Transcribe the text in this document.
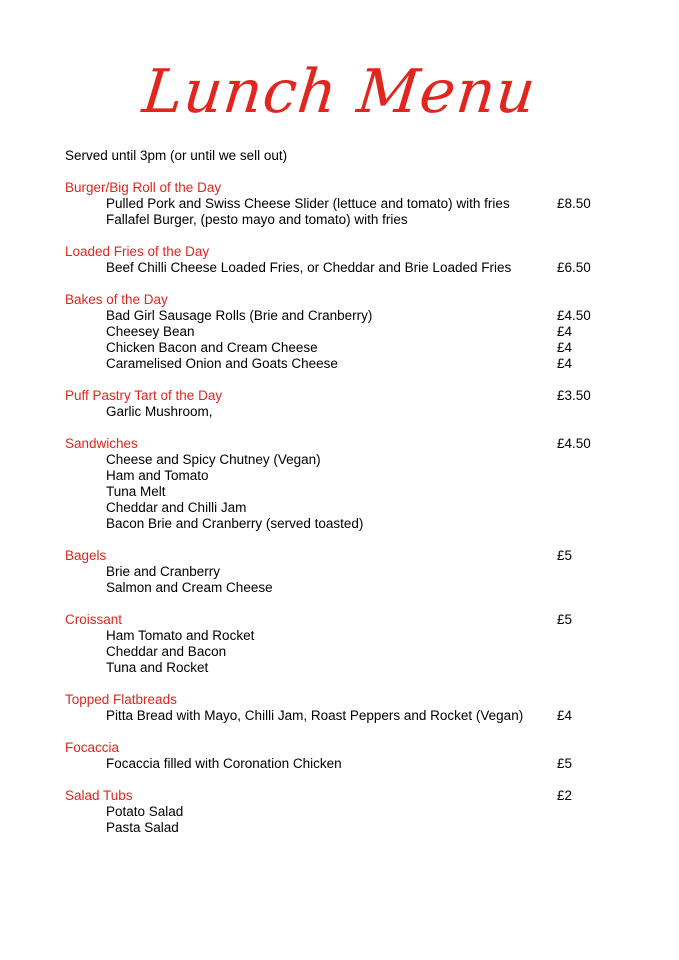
Lunch Menu
Served until 3pm (or until we sell out)
Burger/Big Roll of the Day
Pulled Pork and Swiss Cheese Slider (lettuce and tomato) with fries	£8.50
Fallafel Burger, (pesto mayo and tomato) with fries
Loaded Fries of the Day
Beef Chilli Cheese Loaded Fries, or Cheddar and Brie Loaded Fries	£6.50
Bakes of the Day
Bad Girl Sausage Rolls (Brie and Cranberry)	£4.50
Cheesey Bean	£4
Chicken Bacon and Cream Cheese	£4
Caramelised Onion and Goats Cheese	£4
Puff Pastry Tart of the Day	£3.50
Garlic Mushroom,
Sandwiches	£4.50
Cheese and Spicy Chutney (Vegan)
Ham and Tomato
Tuna Melt
Cheddar and Chilli Jam
Bacon Brie and Cranberry (served toasted)
Bagels	£5
Brie and Cranberry
Salmon and Cream Cheese
Croissant	£5
Ham Tomato and Rocket
Cheddar and Bacon
Tuna and Rocket
Topped Flatbreads
Pitta Bread with Mayo, Chilli Jam, Roast Peppers and Rocket (Vegan)	£4
Focaccia
Focaccia filled with Coronation Chicken	£5
Salad Tubs	£2
Potato Salad
Pasta Salad
